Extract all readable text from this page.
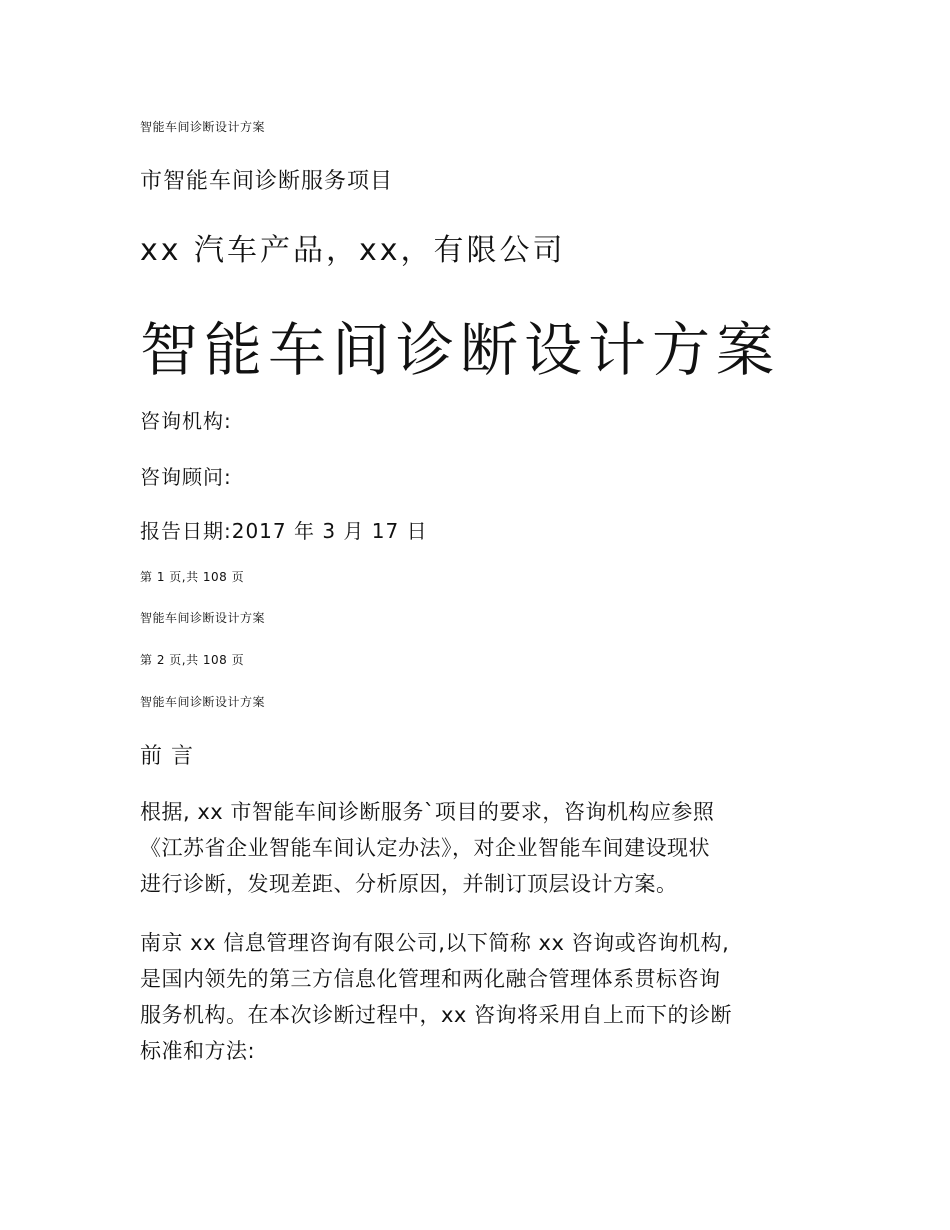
智能车间诊断设计方案

市智能车间诊断服务项目

xx 汽车产品，xx，有限公司

智能车间诊断设计方案

咨询机构:

咨询顾问:

报告日期:2017 年 3 月 17 日

第 1 页,共 108 页

智能车间诊断设计方案

第 2 页,共 108 页

智能车间诊断设计方案

前 言
根据, xx 市智能车间诊断服务`项目的要求，咨询机构应参照
《江苏省企业智能车间认定办法》，对企业智能车间建设现状
进行诊断，发现差距、分析原因，并制订顶层设计方案。
南京 xx 信息管理咨询有限公司,以下简称 xx 咨询或咨询机构,
是国内领先的第三方信息化管理和两化融合管理体系贯标咨询
服务机构。在本次诊断过程中，xx 咨询将采用自上而下的诊断
标准和方法:
